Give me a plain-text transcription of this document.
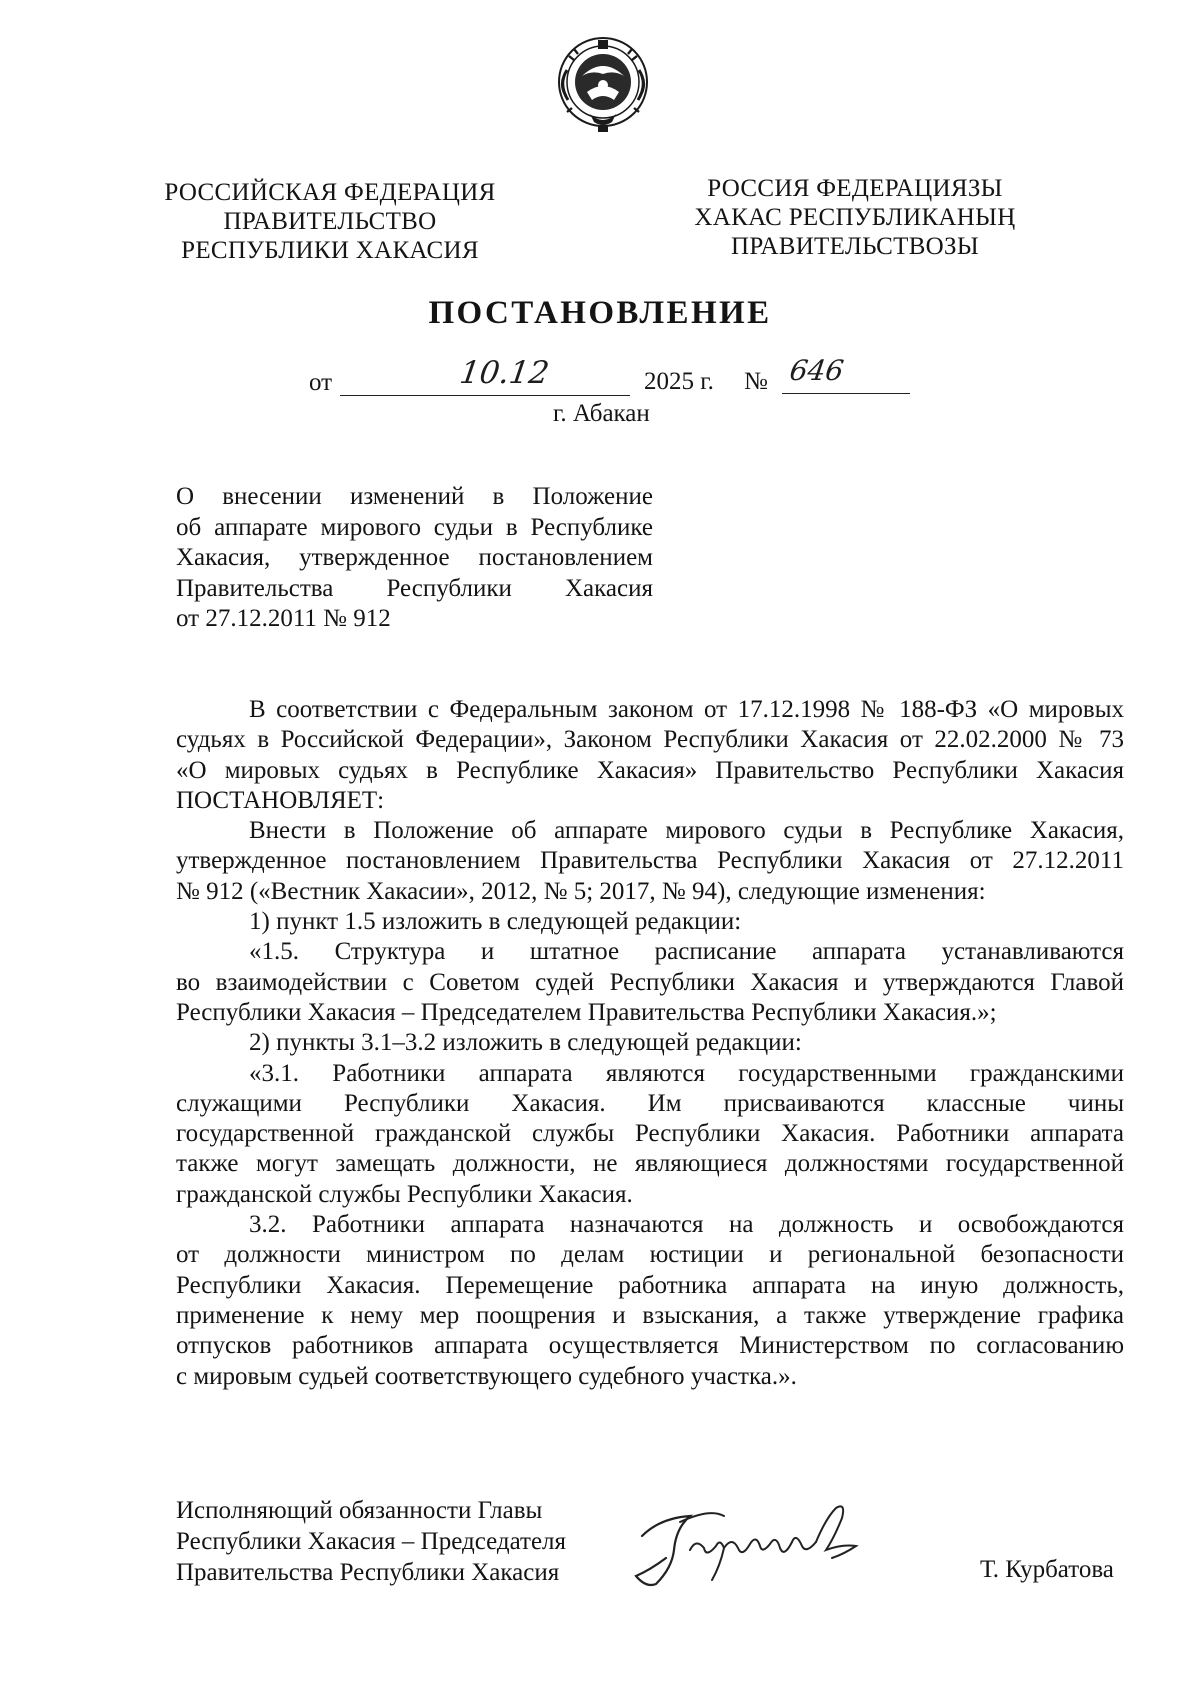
РОССИЙСКАЯ ФЕДЕРАЦИЯ
ПРАВИТЕЛЬСТВО
РЕСПУБЛИКИ ХАКАСИЯ
РОССИЯ ФЕДЕРАЦИЯЗЫ
ХАКАС РЕСПУБЛИКАНЫҢ
ПРАВИТЕЛЬСТВОЗЫ
ПОСТАНОВЛЕНИЕ
от	10.12	2025 г. № 646
г. Абакан
О внесении изменений в Положение
об аппарате мирового судьи в Республике
Хакасия, утвержденное постановлением
Правительства Республики Хакасия
от 27.12.2011 № 912
В соответствии с Федеральным законом от 17.12.1998 № 188-ФЗ «О мировых
судьях в Российской Федерации», Законом Республики Хакасия от 22.02.2000 № 73
«О мировых судьях в Республике Хакасия» Правительство Республики Хакасия
ПОСТАНОВЛЯЕТ:
Внести в Положение об аппарате мирового судьи в Республике Хакасия,
утвержденное постановлением Правительства Республики Хакасия от 27.12.2011
№ 912 («Вестник Хакасии», 2012, № 5; 2017, № 94), следующие изменения:
1) пункт 1.5 изложить в следующей редакции:
«1.5. Структура и штатное расписание аппарата устанавливаются
во взаимодействии с Советом судей Республики Хакасия и утверждаются Главой
Республики Хакасия – Председателем Правительства Республики Хакасия.»;
2) пункты 3.1–3.2 изложить в следующей редакции:
«3.1. Работники аппарата являются государственными гражданскими
служащими Республики Хакасия. Им присваиваются классные чины
государственной гражданской службы Республики Хакасия. Работники аппарата
также могут замещать должности, не являющиеся должностями государственной
гражданской службы Республики Хакасия.
3.2. Работники аппарата назначаются на должность и освобождаются
от должности министром по делам юстиции и региональной безопасности
Республики Хакасия. Перемещение работника аппарата на иную должность,
применение к нему мер поощрения и взыскания, а также утверждение графика
отпусков работников аппарата осуществляется Министерством по согласованию
с мировым судьей соответствующего судебного участка.».
Исполняющий обязанности Главы
Республики Хакасия – Председателя
Правительства Республики Хакасия	Т. Курбатова
